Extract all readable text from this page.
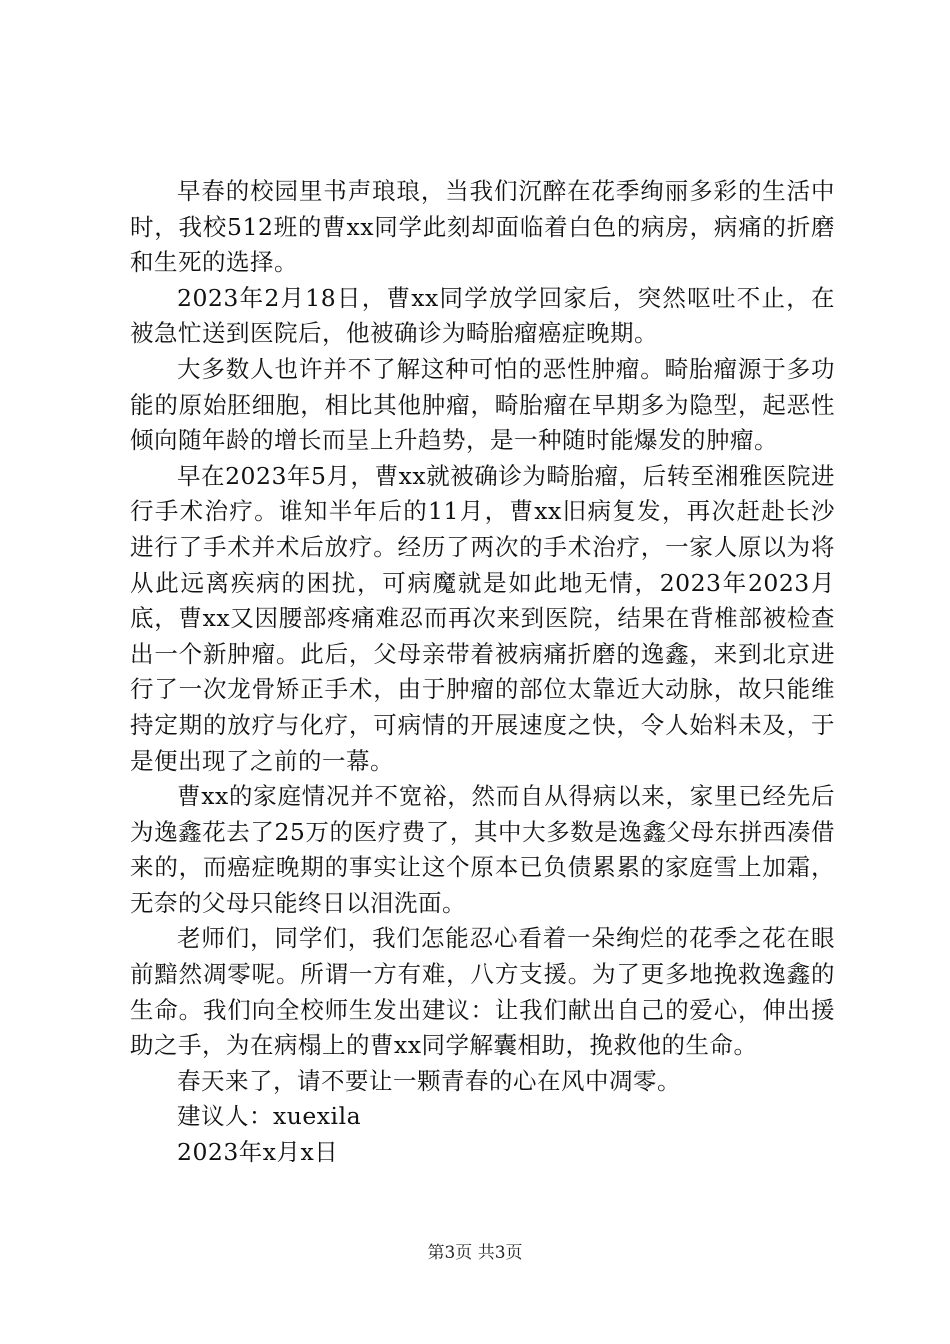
早春的校园里书声琅琅，当我们沉醉在花季绚丽多彩的生活中时，我校512班的曹xx同学此刻却面临着白色的病房，病痛的折磨和生死的选择。

2023年2月18日，曹xx同学放学回家后，突然呕吐不止，在被急忙送到医院后，他被确诊为畸胎瘤癌症晚期。

大多数人也许并不了解这种可怕的恶性肿瘤。畸胎瘤源于多功能的原始胚细胞，相比其他肿瘤，畸胎瘤在早期多为隐型，起恶性倾向随年龄的增长而呈上升趋势，是一种随时能爆发的肿瘤。

早在2023年5月，曹xx就被确诊为畸胎瘤，后转至湘雅医院进行手术治疗。谁知半年后的11月，曹xx旧病复发，再次赶赴长沙进行了手术并术后放疗。经历了两次的手术治疗，一家人原以为将从此远离疾病的困扰，可病魔就是如此地无情，2023年2023月底，曹xx又因腰部疼痛难忍而再次来到医院，结果在背椎部被检查出一个新肿瘤。此后，父母亲带着被病痛折磨的逸鑫，来到北京进行了一次龙骨矫正手术，由于肿瘤的部位太靠近大动脉，故只能维持定期的放疗与化疗，可病情的开展速度之快，令人始料未及，于是便出现了之前的一幕。

曹xx的家庭情况并不宽裕，然而自从得病以来，家里已经先后为逸鑫花去了25万的医疗费了，其中大多数是逸鑫父母东拼西凑借来的，而癌症晚期的事实让这个原本已负债累累的家庭雪上加霜，无奈的父母只能终日以泪洗面。

老师们，同学们，我们怎能忍心看着一朵绚烂的花季之花在眼前黯然凋零呢。所谓一方有难，八方支援。为了更多地挽救逸鑫的生命。我们向全校师生发出建议：让我们献出自己的爱心，伸出援助之手，为在病榻上的曹xx同学解囊相助，挽救他的生命。

春天来了，请不要让一颗青春的心在风中凋零。

建议人：xuexila

2023年x月x日

第3页 共3页
